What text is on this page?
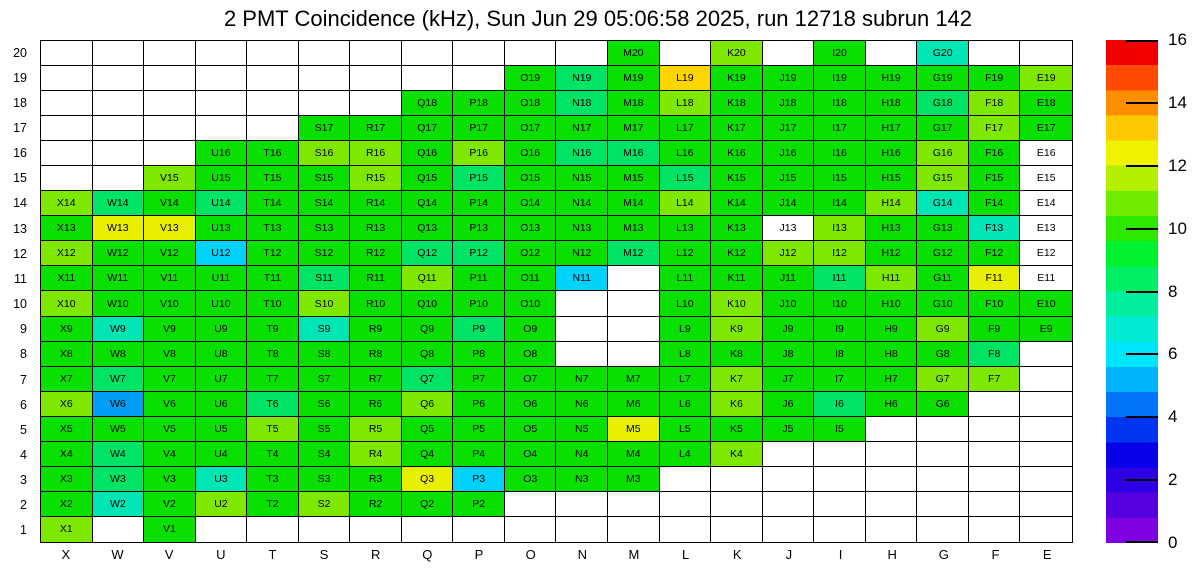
2 PMT Coincidence (kHz), Sun Jun 29 05:06:58 2025, run 12718 subrun 142
20
19
18
17
16
15
14
13
12
11
10
9
8
7
6
5
4
3
2
1
M20	K20	I20	G20
O19	N19	M19	L19	K19	J19	I19	H19	G19	F19	E19
Q18	P18	O18	N18	M18	L18	K18	J18	I18	H18	G18	F18	E18
S17	R17	Q17	P17	O17	N17	M17	L17	K17	J17	I17	H17	G17	F17	E17
U16	T16	S16	R16	Q16	P16	O16	N16	M16	L16	K16	J16	I16	H16	G16	F16	E16
V15	U15	T15	S15	R15	Q15	P15	O15	N15	M15	L15	K15	J15	I15	H15	G15	F15	E15
X14	W14	V14	U14	T14	S14	R14	Q14	P14	O14	N14	M14	L14	K14	J14	I14	H14	G14	F14	E14
X13	W13	V13	U13	T13	S13	R13	Q13	P13	O13	N13	M13	L13	K13	J13	I13	H13	G13	F13	E13
X12	W12	V12	U12	T12	S12	R12	Q12	P12	O12	N12	M12	L12	K12	J12	I12	H12	G12	F12	E12
X11	W11	V11	U11	T11	S11	R11	Q11	P11	O11	N11	L11	K11	J11	I11	H11	G11	F11	E11
X10	W10	V10	U10	T10	S10	R10	Q10	P10	O10	L10	K10	J10	I10	H10	G10	F10	E10
X9	W9	V9	U9	T9	S9	R9	Q9	P9	O9	L9	K9	J9	I9	H9	G9	F9	E9
X8	W8	V8	U8	T8	S8	R8	Q8	P8	O8	L8	K8	J8	I8	H8	G8	F8
X7	W7	V7	U7	T7	S7	R7	Q7	P7	O7	N7	M7	L7	K7	J7	I7	H7	G7	F7
X6	W6	V6	U6	T6	S6	R6	Q6	P6	O6	N6	M6	L6	K6	J6	I6	H6	G6
X5	W5	V5	U5	T5	S5	R5	Q5	P5	O5	N5	M5	L5	K5	J5	I5
X4	W4	V4	U4	T4	S4	R4	Q4	P4	O4	N4	M4	L4	K4
X3	W3	V3	U3	T3	S3	R3	Q3	P3	O3	N3	M3
X2	W2	V2	U2	T2	S2	R2	Q2	P2
X1	V1
X	W	V	U	T	S	R	Q	P	O	N	M	L	K	J	I	H	G	F	E
0
2
4
6
8
10
12
14
16
